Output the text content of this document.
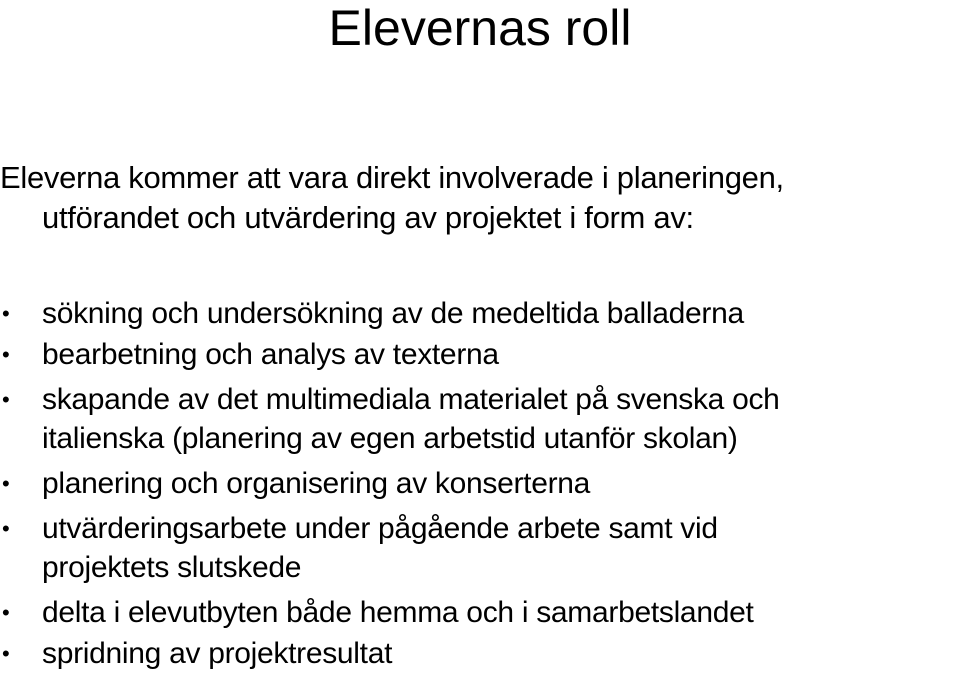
Elevernas roll
Eleverna kommer att vara direkt involverade i planeringen,
utförandet och utvärdering av projektet i form av:
• sökning och undersökning av de medeltida balladerna
• bearbetning och analys av texterna
• skapande av det multimediala materialet på svenska och
italienska (planering av egen arbetstid utanför skolan)
• planering och organisering av konserterna
• utvärderingsarbete under pågående arbete samt vid
projektets slutskede
• delta i elevutbyten både hemma och i samarbetslandet
• spridning av projektresultat
